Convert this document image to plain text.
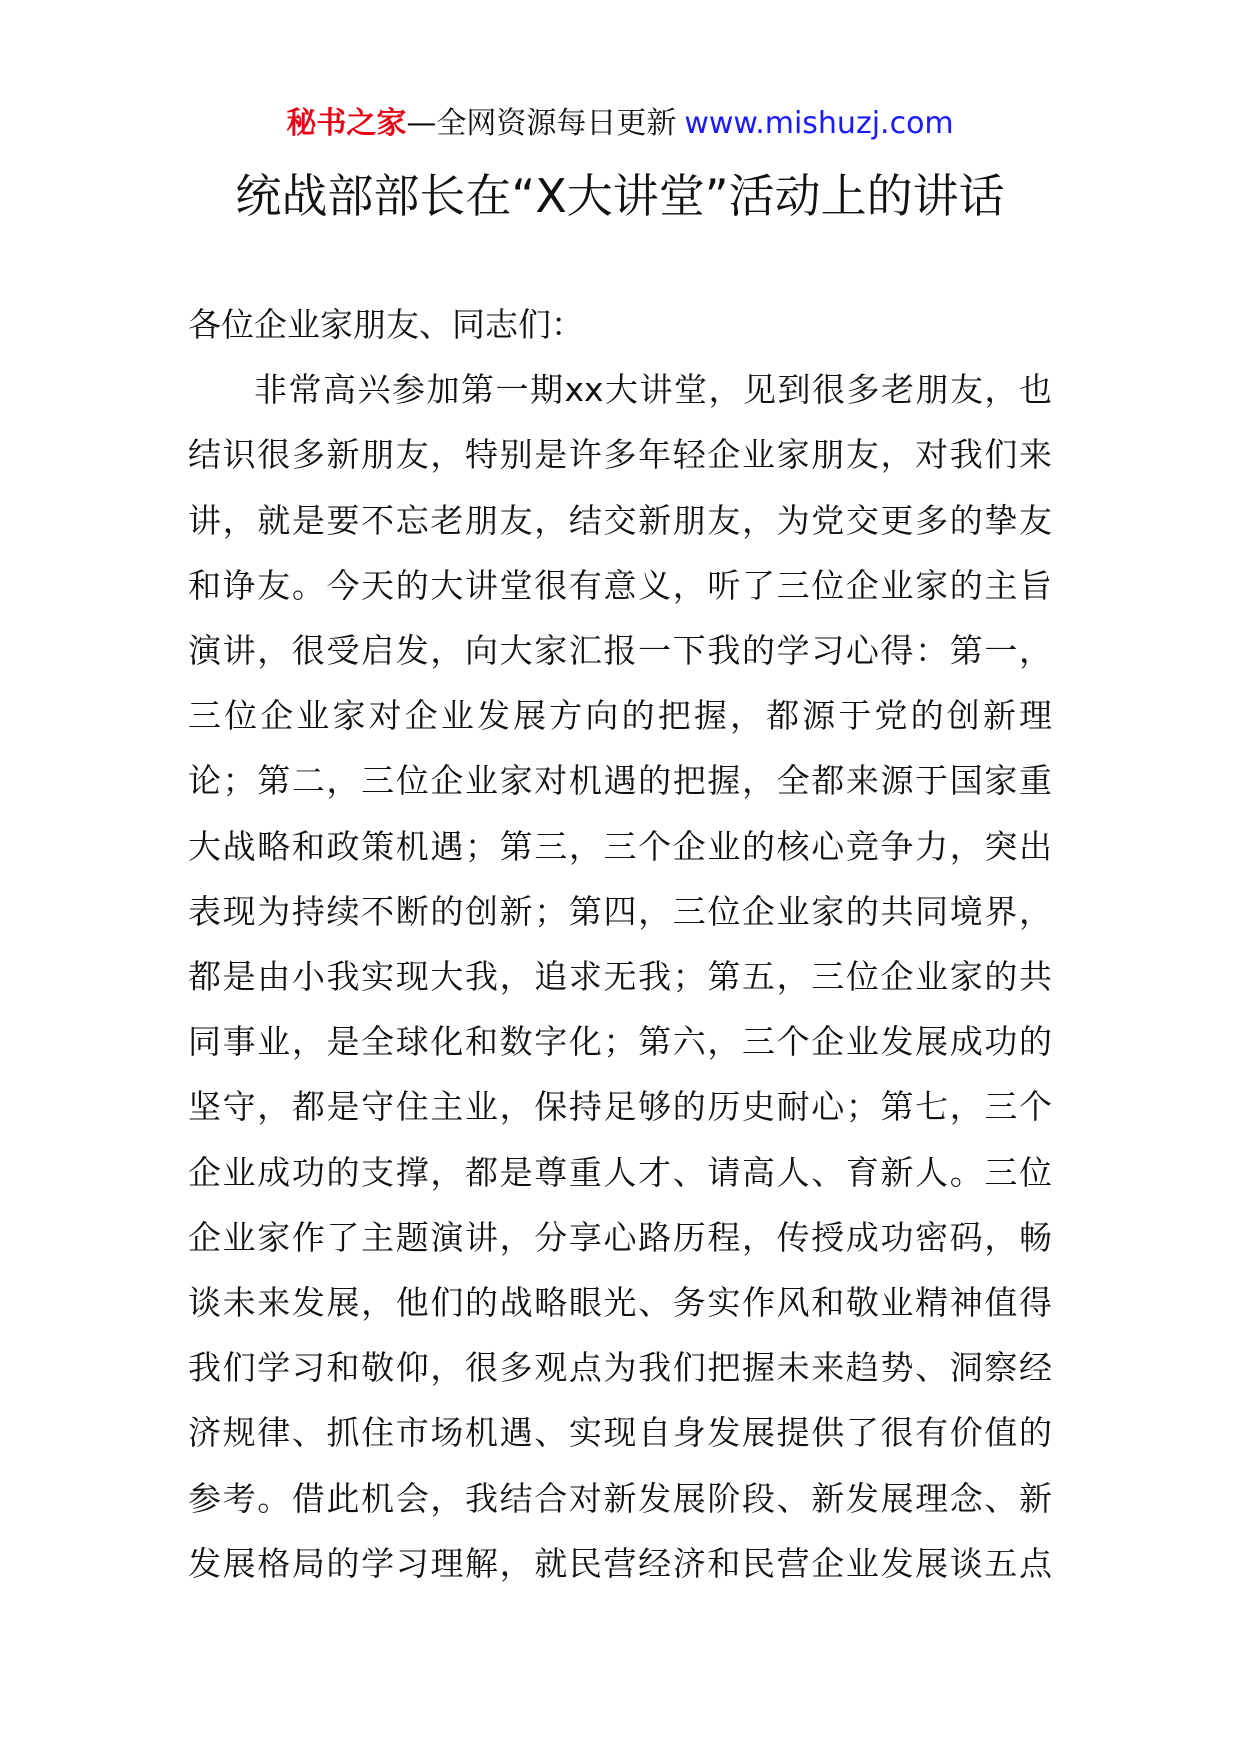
秘书之家—全网资源每日更新 www.mishuzj.com
统战部部长在“X大讲堂”活动上的讲话

各位企业家朋友、同志们：

非常高兴参加第一期xx大讲堂，见到很多老朋友，也
结识很多新朋友，特别是许多年轻企业家朋友，对我们来
讲，就是要不忘老朋友，结交新朋友，为党交更多的挚友
和诤友。今天的大讲堂很有意义，听了三位企业家的主旨
演讲，很受启发，向大家汇报一下我的学习心得：第一，
三位企业家对企业发展方向的把握，都源于党的创新理
论；第二，三位企业家对机遇的把握，全都来源于国家重
大战略和政策机遇；第三，三个企业的核心竞争力，突出
表现为持续不断的创新；第四，三位企业家的共同境界，
都是由小我实现大我，追求无我；第五，三位企业家的共
同事业，是全球化和数字化；第六，三个企业发展成功的
坚守，都是守住主业，保持足够的历史耐心；第七，三个
企业成功的支撑，都是尊重人才、请高人、育新人。三位
企业家作了主题演讲，分享心路历程，传授成功密码，畅
谈未来发展，他们的战略眼光、务实作风和敬业精神值得
我们学习和敬仰，很多观点为我们把握未来趋势、洞察经
济规律、抓住市场机遇、实现自身发展提供了很有价值的
参考。借此机会，我结合对新发展阶段、新发展理念、新
发展格局的学习理解，就民营经济和民营企业发展谈五点
